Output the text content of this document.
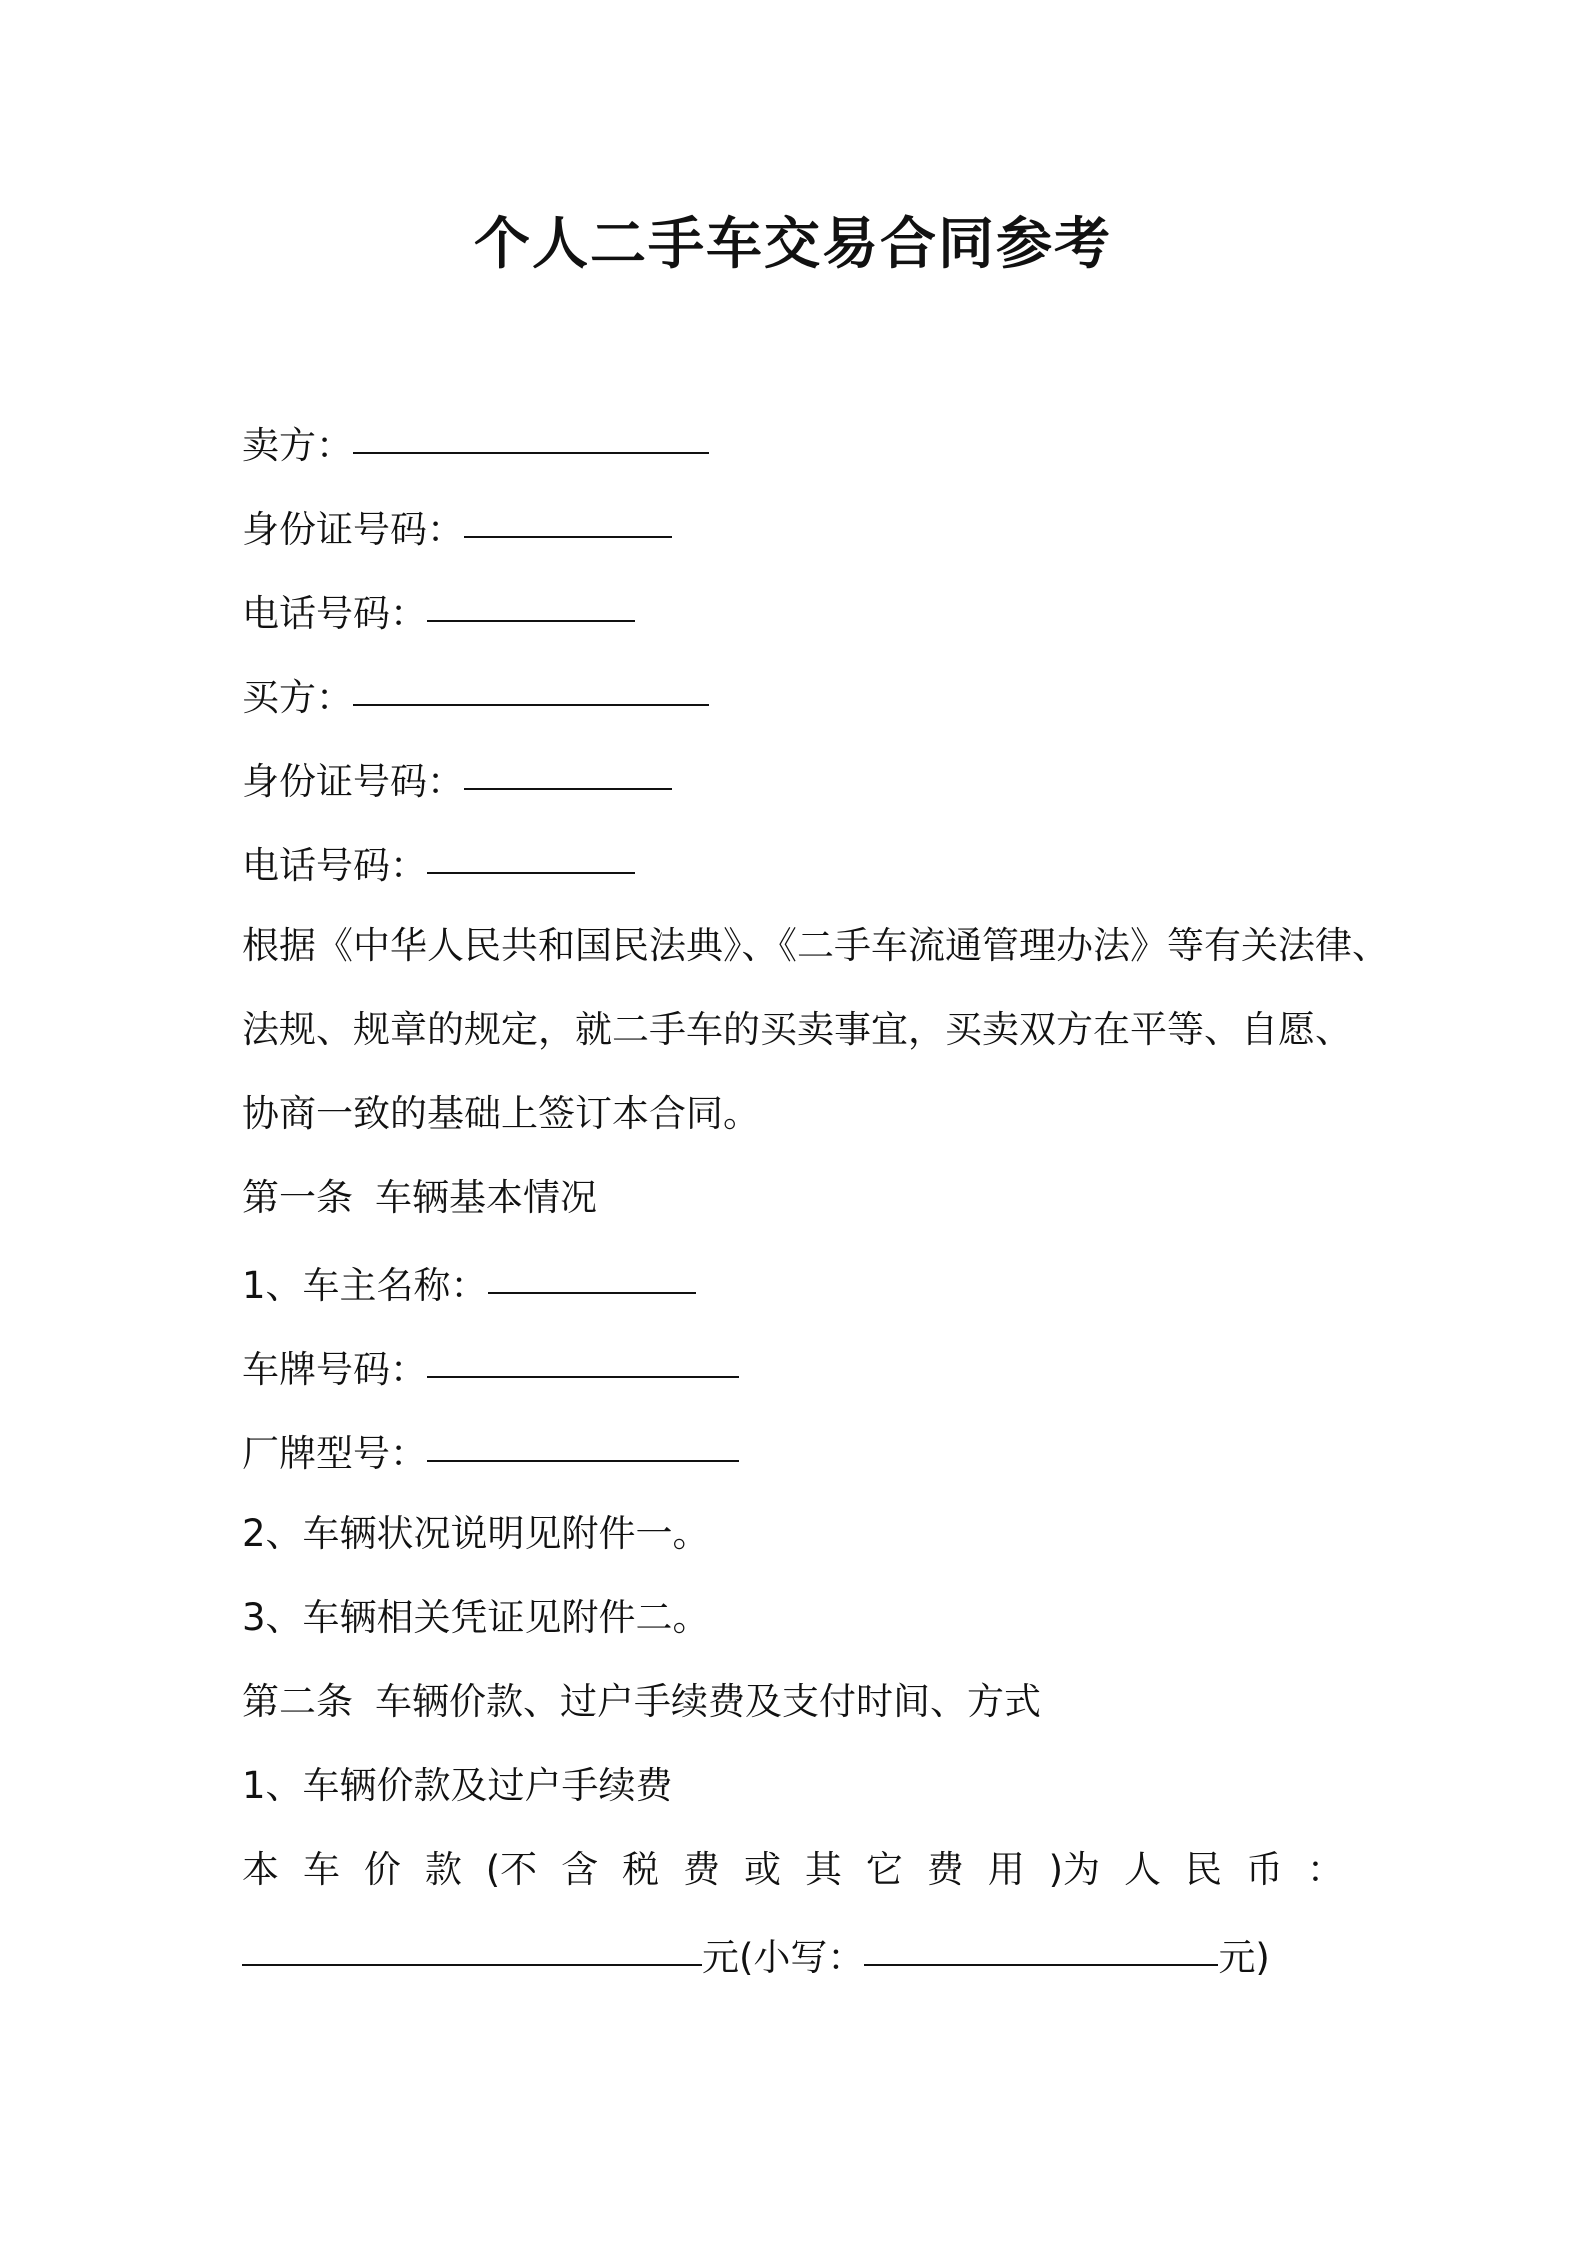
个人二手车交易合同参考
卖方：
身份证号码：
电话号码：
买方：
身份证号码：
电话号码：
根据《中华人民共和国民法典》、《二手车流通管理办法》等有关法律、
法规、规章的规定，就二手车的买卖事宜，买卖双方在平等、自愿、
协商一致的基础上签订本合同。
第一条 车辆基本情况
1、车主名称：
车牌号码：
厂牌型号：
2、车辆状况说明见附件一。
3、车辆相关凭证见附件二。
第二条 车辆价款、过户手续费及支付时间、方式
1、车辆价款及过户手续费
本 车 价 款 (不 含 税 费 或 其 它 费 用 )为 人 民 币 ：
元(小写：	元)
